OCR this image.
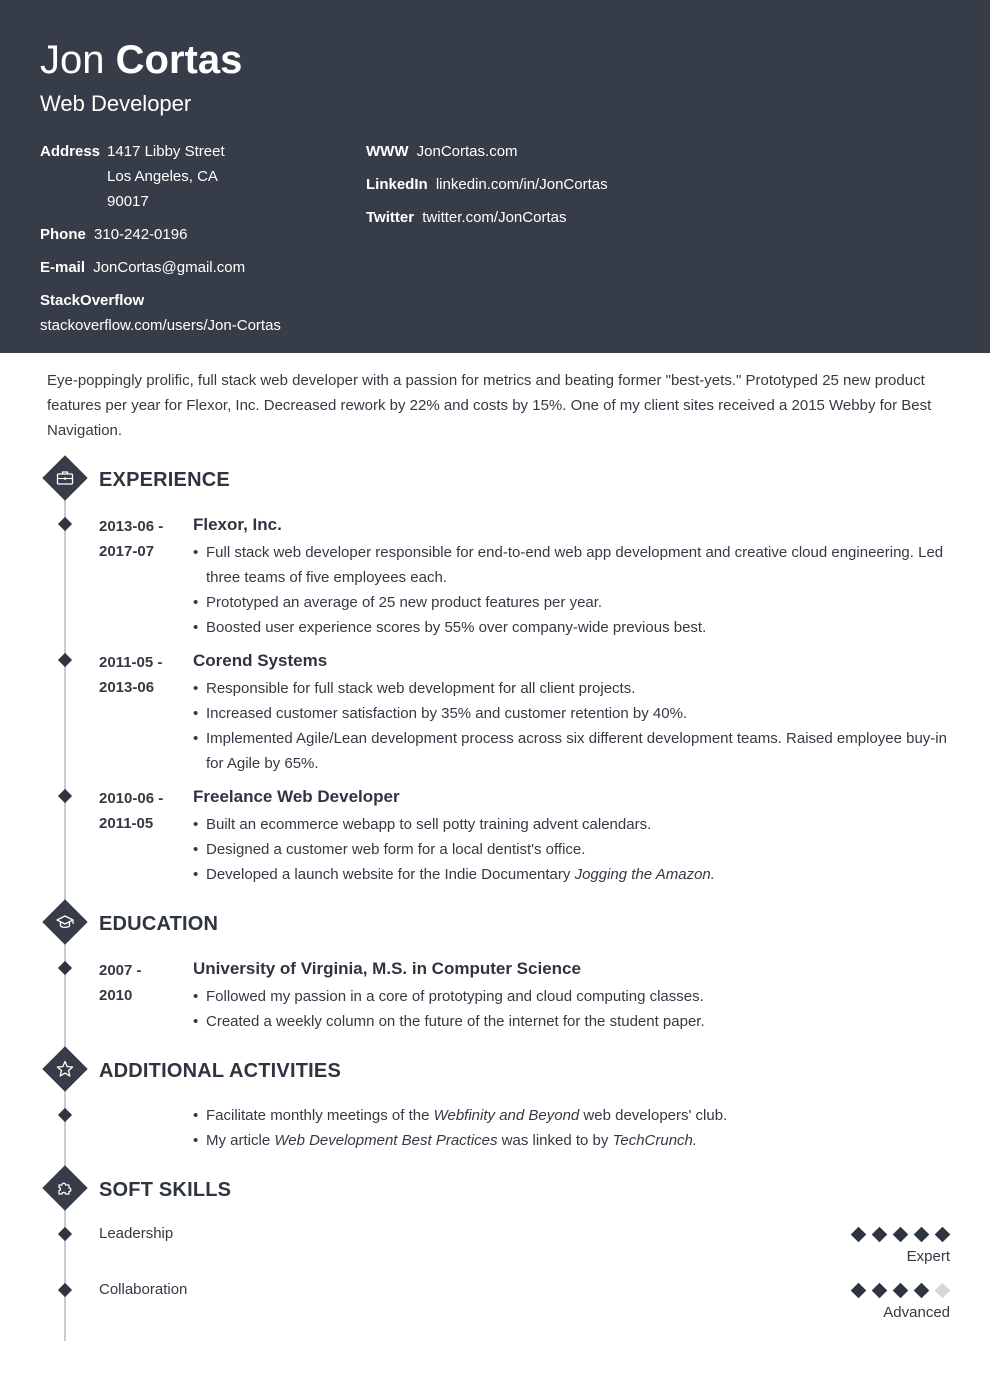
Jon Cortas
Web Developer
Address 1417 Libby Street
Los Angeles, CA
90017
Phone 310-242-0196
E-mail JonCortas@gmail.com
StackOverflow
stackoverflow.com/users/Jon-Cortas
WWW JonCortas.com
LinkedIn linkedin.com/in/JonCortas
Twitter twitter.com/JonCortas
Eye-poppingly prolific, full stack web developer with a passion for metrics and beating former "best-yets." Prototyped 25 new product features per year for Flexor, Inc. Decreased rework by 22% and costs by 15%. One of my client sites received a 2015 Webby for Best Navigation.
EXPERIENCE
2013-06 -
2017-07
Flexor, Inc.
• Full stack web developer responsible for end-to-end web app development and creative cloud engineering. Led three teams of five employees each.
• Prototyped an average of 25 new product features per year.
• Boosted user experience scores by 55% over company-wide previous best.
2011-05 -
2013-06
Corend Systems
• Responsible for full stack web development for all client projects.
• Increased customer satisfaction by 35% and customer retention by 40%.
• Implemented Agile/Lean development process across six different development teams. Raised employee buy-in for Agile by 65%.
2010-06 -
2011-05
Freelance Web Developer
• Built an ecommerce webapp to sell potty training advent calendars.
• Designed a customer web form for a local dentist's office.
• Developed a launch website for the Indie Documentary Jogging the Amazon.
EDUCATION
2007 -
2010
University of Virginia, M.S. in Computer Science
• Followed my passion in a core of prototyping and cloud computing classes.
• Created a weekly column on the future of the internet for the student paper.
ADDITIONAL ACTIVITIES
• Facilitate monthly meetings of the Webfinity and Beyond web developers' club.
• My article Web Development Best Practices was linked to by TechCrunch.
SOFT SKILLS
Leadership
Expert
Collaboration
Advanced
